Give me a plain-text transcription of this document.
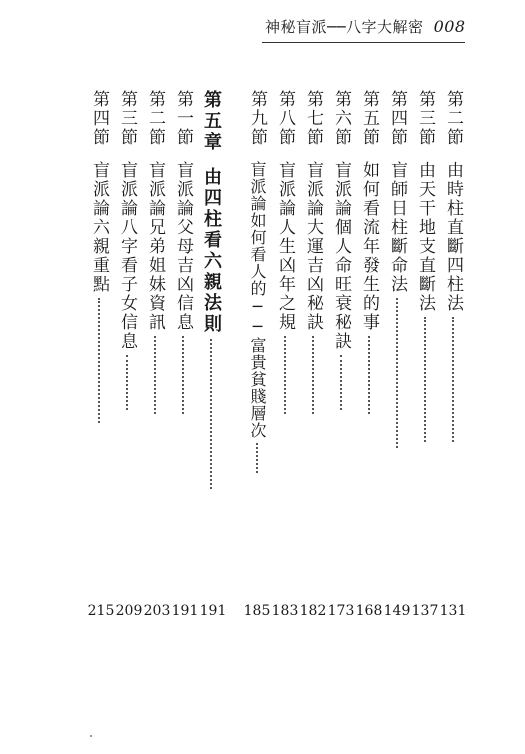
神秘盲派──八字大解密 008
第二節
由時柱直斷四柱法
131
第三節
由天干地支直斷法
137
第四節
盲師日柱斷命法
149
第五節
如何看流年發生的事
168
第六節
盲派論個人命旺衰秘訣
173
第七節
盲派論大運吉凶秘訣
182
第八節
盲派論人生凶年之規
183
第九節
盲派論如何看人的──富貴貧賤層次
185
第五章
由四柱看六親法則
191
第一節
盲派論父母吉凶信息
191
第二節
盲派論兄弟姐妹資訊
203
第三節
盲派論八字看子女信息
209
第四節
盲派論六親重點
215
